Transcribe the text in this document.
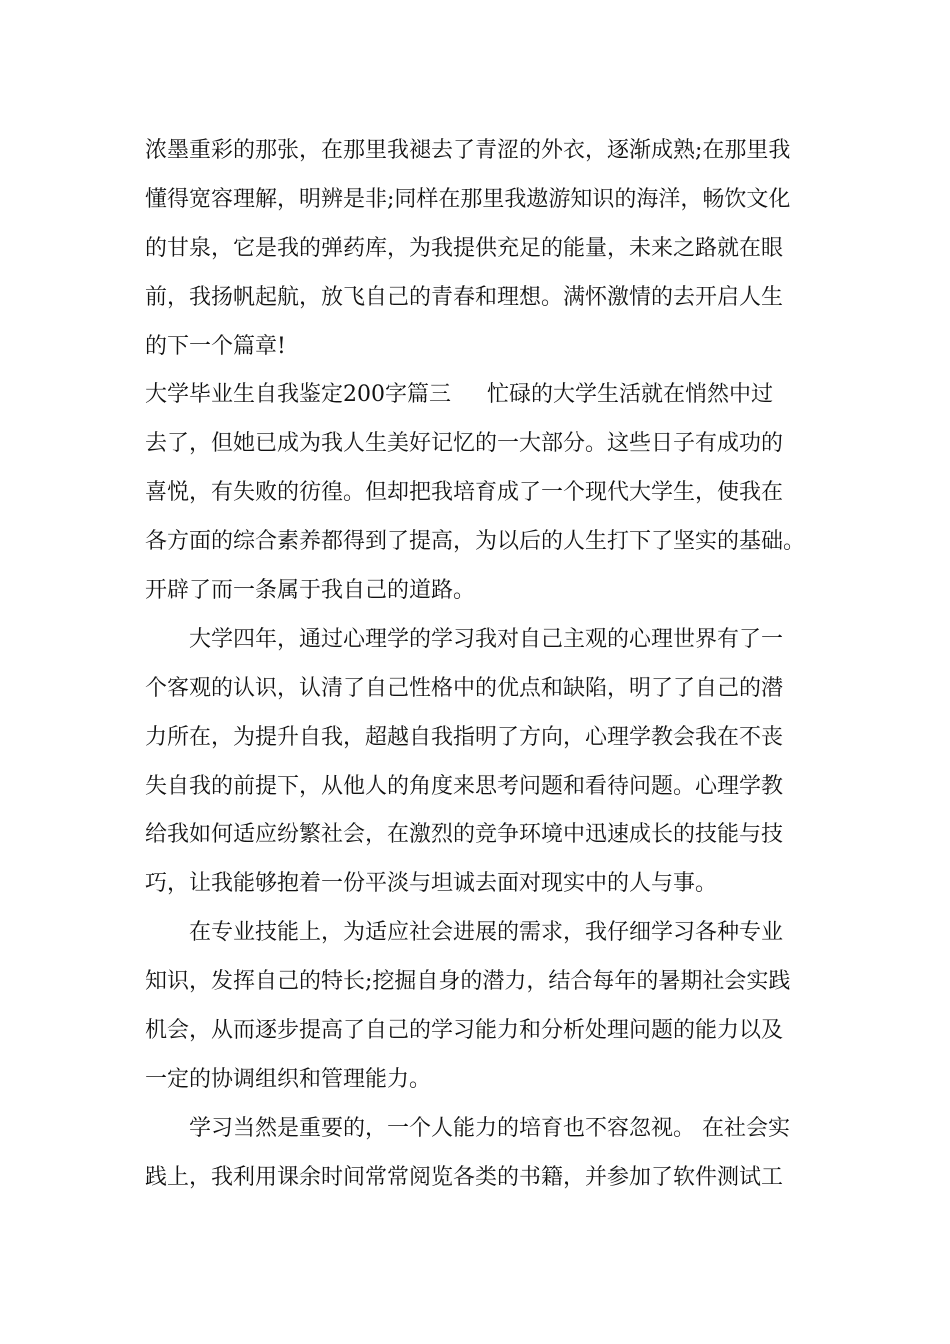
浓墨重彩的那张，在那里我褪去了青涩的外衣，逐渐成熟;在那里我
懂得宽容理解，明辨是非;同样在那里我遨游知识的海洋，畅饮文化
的甘泉，它是我的弹药库，为我提供充足的能量，未来之路就在眼
前，我扬帆起航，放飞自己的青春和理想。满怀激情的去开启人生
的下一个篇章!
大学毕业生自我鉴定200字篇三 忙碌的大学生活就在悄然中过
去了，但她已成为我人生美好记忆的一大部分。这些日子有成功的
喜悦，有失败的彷徨。但却把我培育成了一个现代大学生，使我在
各方面的综合素养都得到了提高，为以后的人生打下了坚实的基础。
开辟了而一条属于我自己的道路。
大学四年，通过心理学的学习我对自己主观的心理世界有了一
个客观的认识，认清了自己性格中的优点和缺陷，明了了自己的潜
力所在，为提升自我，超越自我指明了方向，心理学教会我在不丧
失自我的前提下，从他人的角度来思考问题和看待问题。心理学教
给我如何适应纷繁社会，在激烈的竞争环境中迅速成长的技能与技
巧，让我能够抱着一份平淡与坦诚去面对现实中的人与事。
在专业技能上，为适应社会进展的需求，我仔细学习各种专业
知识，发挥自己的特长;挖掘自身的潜力，结合每年的暑期社会实践
机会，从而逐步提高了自己的学习能力和分析处理问题的能力以及
一定的协调组织和管理能力。
学习当然是重要的，一个人能力的培育也不容忽视。 在社会实
践上，我利用课余时间常常阅览各类的书籍，并参加了软件测试工
